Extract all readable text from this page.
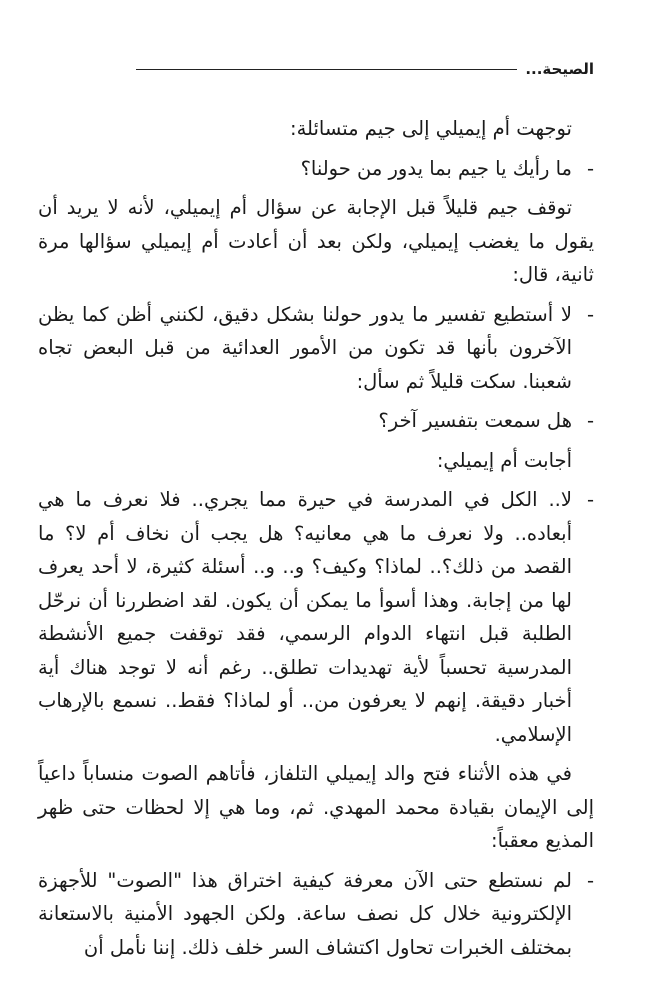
الصيحة...

توجهت أم إيميلي إلى جيم متسائلة:

-

ما رأيك يا جيم بما يدور من حولنا؟

توقف جيم قليلاً قبل الإجابة عن سؤال أم إيميلي، لأنه لا يريد أن يقول ما يغضب إيميلي، ولكن بعد أن أعادت أم إيميلي سؤالها مرة ثانية، قال:

-

لا أستطيع تفسير ما يدور حولنا بشكل دقيق، لكنني أظن كما يظن الآخرون بأنها قد تكون من الأمور العدائية من قبل البعض تجاه شعبنا. سكت قليلاً ثم سأل:

-

هل سمعت بتفسير آخر؟

أجابت أم إيميلي:

-

لا.. الكل في المدرسة في حيرة مما يجري.. فلا نعرف ما هي أبعاده.. ولا نعرف ما هي معانيه؟ هل يجب أن نخاف أم لا؟ ما القصد من ذلك؟.. لماذا؟ وكيف؟ و.. و.. أسئلة كثيرة، لا أحد يعرف لها من إجابة. وهذا أسوأ ما يمكن أن يكون. لقد اضطررنا أن نرحّل الطلبة قبل انتهاء الدوام الرسمي، فقد توقفت جميع الأنشطة المدرسية تحسباً لأية تهديدات تطلق.. رغم أنه لا توجد هناك أية أخبار دقيقة. إنهم لا يعرفون من.. أو لماذا؟ فقط.. نسمع بالإرهاب الإسلامي.

في هذه الأثناء فتح والد إيميلي التلفاز، فأتاهم الصوت منساباً داعياً إلى الإيمان بقيادة محمد المهدي. ثم، وما هي إلا لحظات حتى ظهر المذيع معقباً:

-

لم نستطع حتى الآن معرفة كيفية اختراق هذا "الصوت" للأجهزة الإلكترونية خلال كل نصف ساعة. ولكن الجهود الأمنية بالاستعانة بمختلف الخبرات تحاول اكتشاف السر خلف ذلك. إننا نأمل أن
